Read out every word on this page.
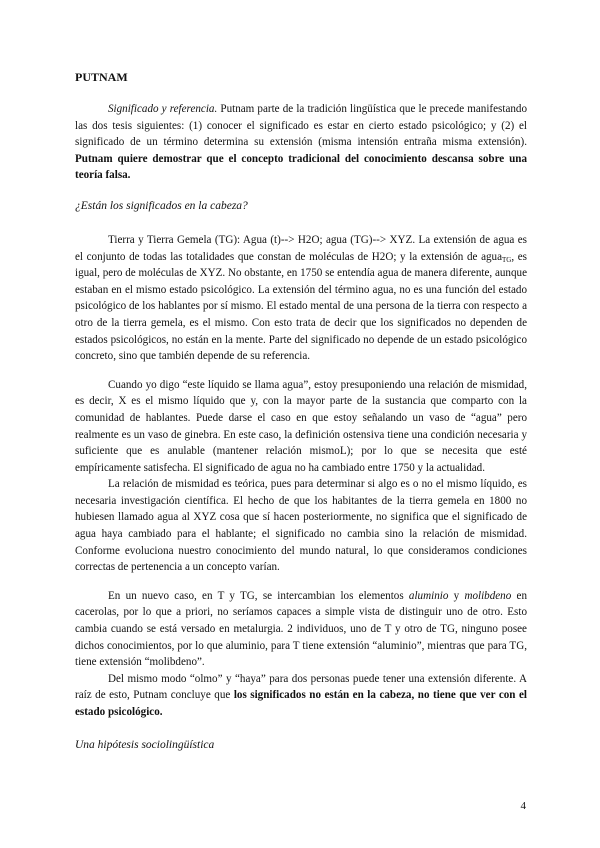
PUTNAM

Significado y referencia. Putnam parte de la tradición lingüística que le precede manifestando las dos tesis siguientes: (1) conocer el significado es estar en cierto estado psicológico; y (2) el significado de un término determina su extensión (misma intensión entraña misma extensión). Putnam quiere demostrar que el concepto tradicional del conocimiento descansa sobre una teoría falsa.

¿Están los significados en la cabeza?

Tierra y Tierra Gemela (TG): Agua (t)--> H2O; agua (TG)--> XYZ. La extensión de agua es el conjunto de todas las totalidades que constan de moléculas de H2O; y la extensión de agua$_{TG}$, es igual, pero de moléculas de XYZ. No obstante, en 1750 se entendía agua de manera diferente, aunque estaban en el mismo estado psicológico. La extensión del término agua, no es una función del estado psicológico de los hablantes por sí mismo. El estado mental de una persona de la tierra con respecto a otro de la tierra gemela, es el mismo. Con esto trata de decir que los significados no dependen de estados psicológicos, no están en la mente. Parte del significado no depende de un estado psicológico concreto, sino que también depende de su referencia.

Cuando yo digo “este líquido se llama agua”, estoy presuponiendo una relación de mismidad, es decir, X es el mismo líquido que y, con la mayor parte de la sustancia que comparto con la comunidad de hablantes. Puede darse el caso en que estoy señalando un vaso de “agua” pero realmente es un vaso de ginebra. En este caso, la definición ostensiva tiene una condición necesaria y suficiente que es anulable (mantener relación mismoL); por lo que se necesita que esté empíricamente satisfecha. El significado de agua no ha cambiado entre 1750 y la actualidad.

La relación de mismidad es teórica, pues para determinar si algo es o no el mismo líquido, es necesaria investigación científica. El hecho de que los habitantes de la tierra gemela en 1800 no hubiesen llamado agua al XYZ cosa que sí hacen posteriormente, no significa que el significado de agua haya cambiado para el hablante; el significado no cambia sino la relación de mismidad. Conforme evoluciona nuestro conocimiento del mundo natural, lo que consideramos condiciones correctas de pertenencia a un concepto varían.

En un nuevo caso, en T y TG, se intercambian los elementos aluminio y molibdeno en cacerolas, por lo que a priori, no seríamos capaces a simple vista de distinguir uno de otro. Esto cambia cuando se está versado en metalurgia. 2 individuos, uno de T y otro de TG, ninguno posee dichos conocimientos, por lo que aluminio, para T tiene extensión “aluminio”, mientras que para TG, tiene extensión “molibdeno”.

Del mismo modo “olmo” y “haya” para dos personas puede tener una extensión diferente. A raíz de esto, Putnam concluye que los significados no están en la cabeza, no tiene que ver con el estado psicológico.

Una hipótesis sociolingüística
4
